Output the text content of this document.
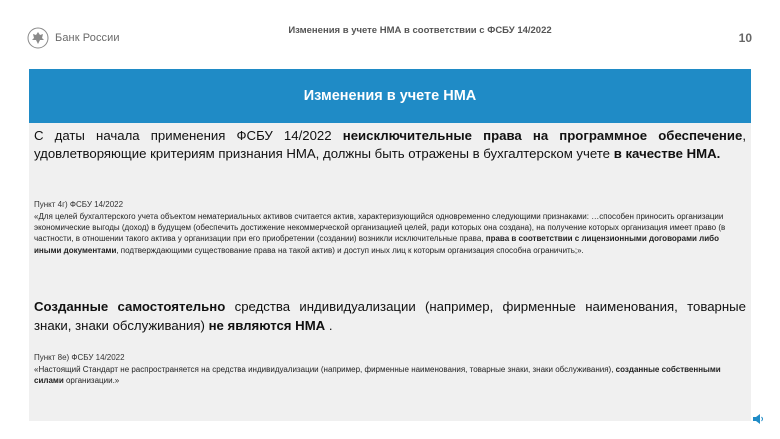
Банк России
Изменения в учете НМА в соответствии с ФСБУ 14/2022
10
Изменения в учете НМА
С даты начала применения ФСБУ 14/2022 неисключительные права на программное обеспечение, удовлетворяющие критериям признания НМА, должны быть отражены в бухгалтерском учете в качестве НМА.
Пункт 4г) ФСБУ 14/2022
«Для целей бухгалтерского учета объектом нематериальных активов считается актив, характеризующийся одновременно следующими признаками: …способен приносить организации экономические выгоды (доход) в будущем (обеспечить достижение некоммерческой организацией целей, ради которых она создана), на получение которых организация имеет право (в частности, в отношении такого актива у организации при его приобретении (создании) возникли исключительные права, права в соответствии с лицензионными договорами либо иными документами, подтверждающими существование права на такой актив) и доступ иных лиц к которым организация способна ограничить;».
Созданные самостоятельно средства индивидуализации (например, фирменные наименования, товарные знаки, знаки обслуживания) не являются НМА .
Пункт 8е) ФСБУ 14/2022
«Настоящий Стандарт не распространяется на средства индивидуализации (например, фирменные наименования, товарные знаки, знаки обслуживания), созданные собственными силами организации.»
